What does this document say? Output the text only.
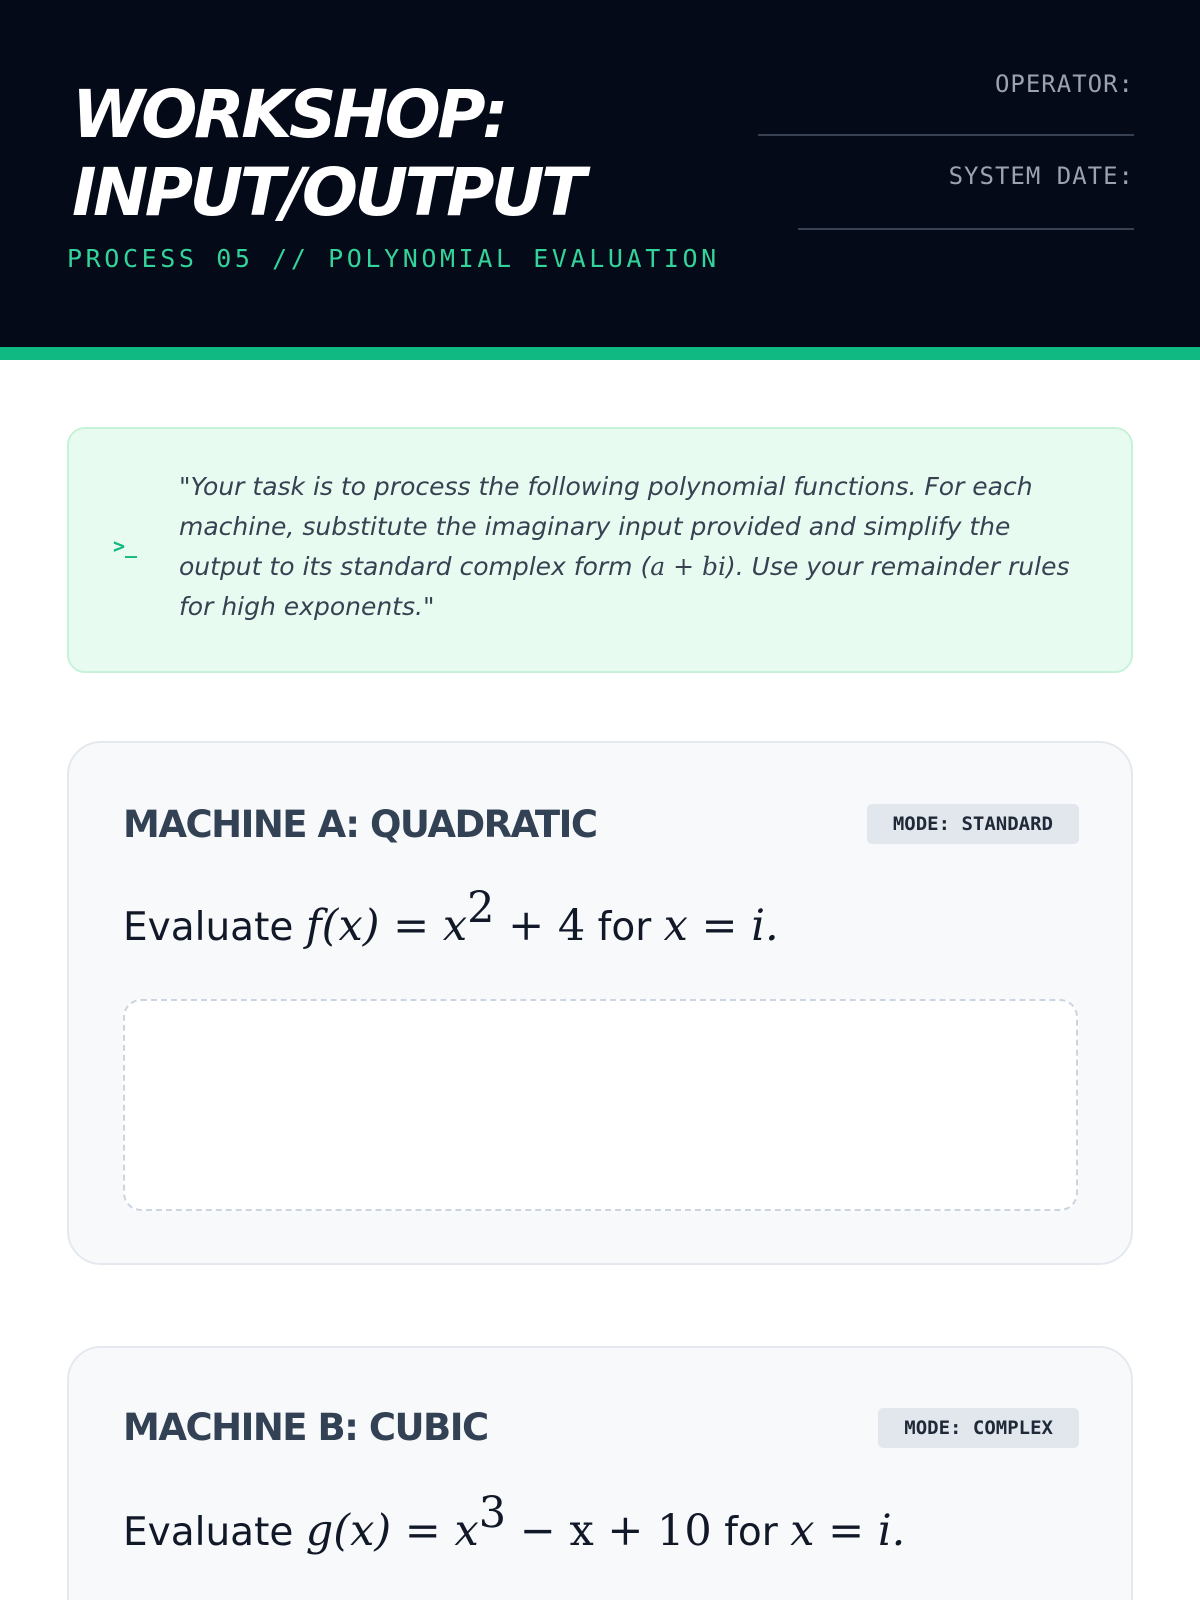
WORKSHOP:
INPUT/OUTPUT
PROCESS 05 // POLYNOMIAL EVALUATION
OPERATOR:
SYSTEM DATE:
>_

"Your task is to process the following polynomial functions. For each machine, substitute the imaginary input provided and simplify the output to its standard complex form (a + bi). Use your remainder rules for high exponents."

MACHINE A: QUADRATIC	MODE: STANDARD
Evaluate $f(x) = x^2 + 4$ for x = i.
MACHINE B: CUBIC	MODE: COMPLEX
Evaluate $g(x) = x^3 - x + 10$ for x = i.
